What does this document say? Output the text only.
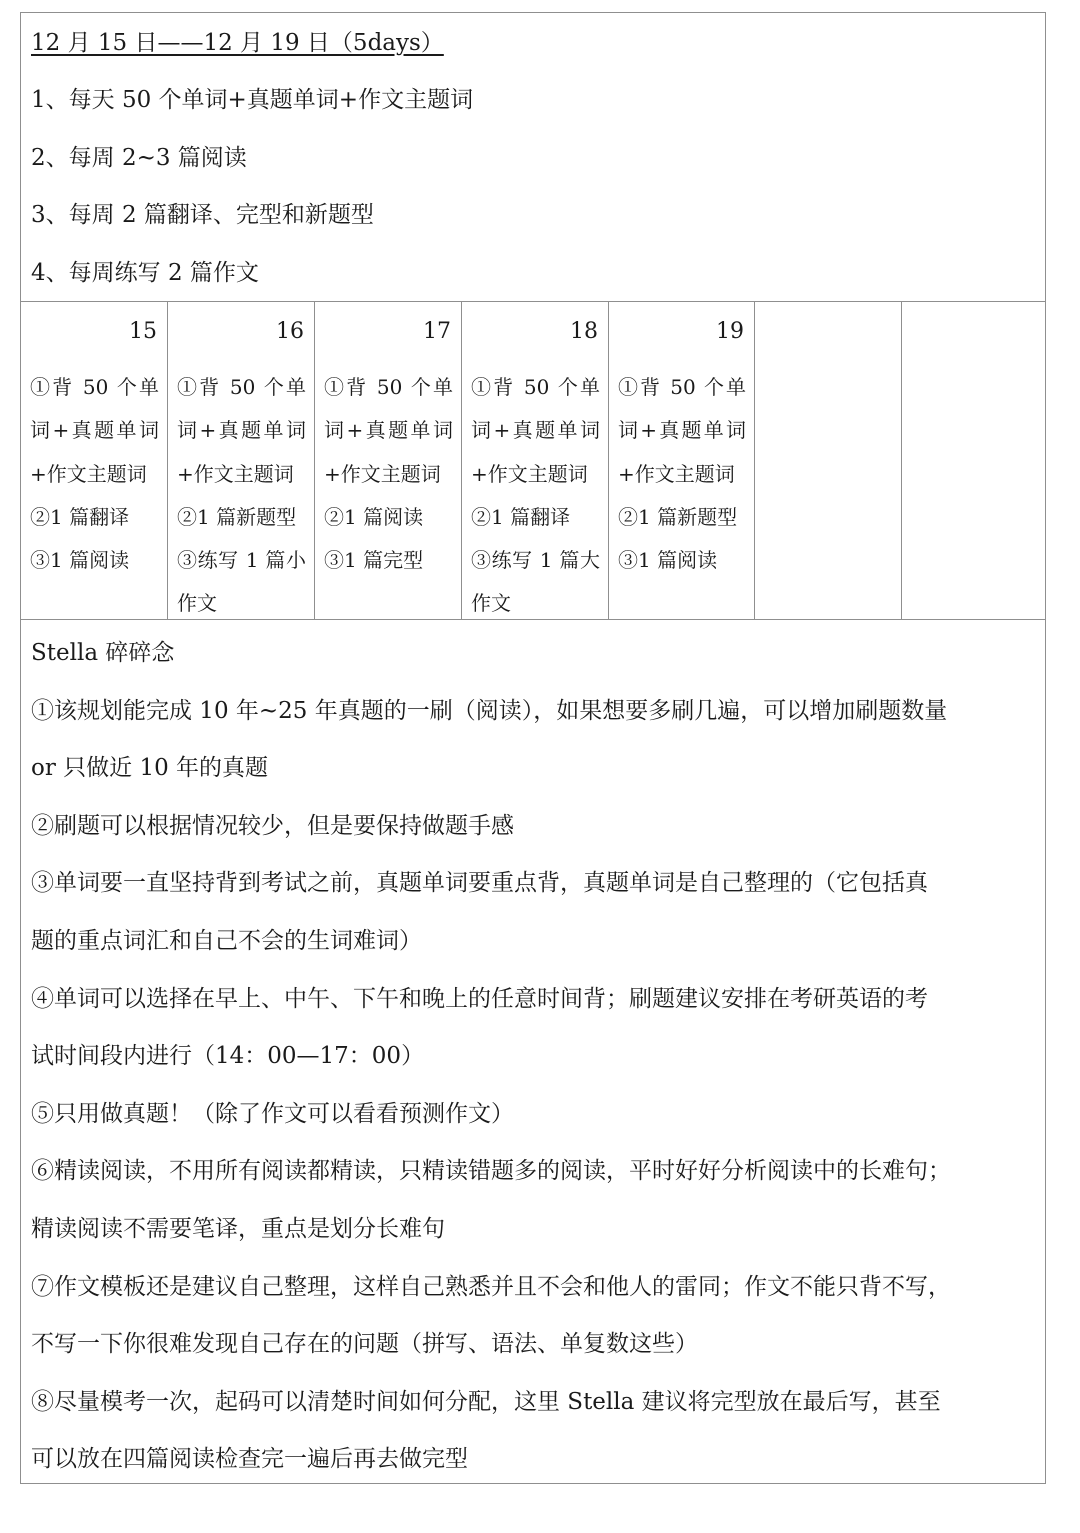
12 月 15 日——12 月 19 日（5days）
1、每天 50 个单词+真题单词+作文主题词
2、每周 2~3 篇阅读
3、每周 2 篇翻译、完型和新题型
4、每周练写 2 篇作文
15
①背 50 个单词+真题单词+作文主题词
②1 篇翻译
③1 篇阅读
16
①背 50 个单词+真题单词+作文主题词
②1 篇新题型
③练写 1 篇小作文
17
①背 50 个单词+真题单词+作文主题词
②1 篇阅读
③1 篇完型
18
①背 50 个单词+真题单词+作文主题词
②1 篇翻译
③练写 1 篇大作文
19
①背 50 个单词+真题单词+作文主题词
②1 篇新题型
③1 篇阅读
Stella 碎碎念
①该规划能完成 10 年~25 年真题的一刷（阅读），如果想要多刷几遍，可以增加刷题数量
or 只做近 10 年的真题
②刷题可以根据情况较少，但是要保持做题手感
③单词要一直坚持背到考试之前，真题单词要重点背，真题单词是自己整理的（它包括真
题的重点词汇和自己不会的生词难词）
④单词可以选择在早上、中午、下午和晚上的任意时间背；刷题建议安排在考研英语的考
试时间段内进行（14：00—17：00）
⑤只用做真题！（除了作文可以看看预测作文）
⑥精读阅读，不用所有阅读都精读，只精读错题多的阅读，平时好好分析阅读中的长难句；
精读阅读不需要笔译，重点是划分长难句
⑦作文模板还是建议自己整理，这样自己熟悉并且不会和他人的雷同；作文不能只背不写，
不写一下你很难发现自己存在的问题（拼写、语法、单复数这些）
⑧尽量模考一次，起码可以清楚时间如何分配，这里 Stella 建议将完型放在最后写，甚至
可以放在四篇阅读检查完一遍后再去做完型
